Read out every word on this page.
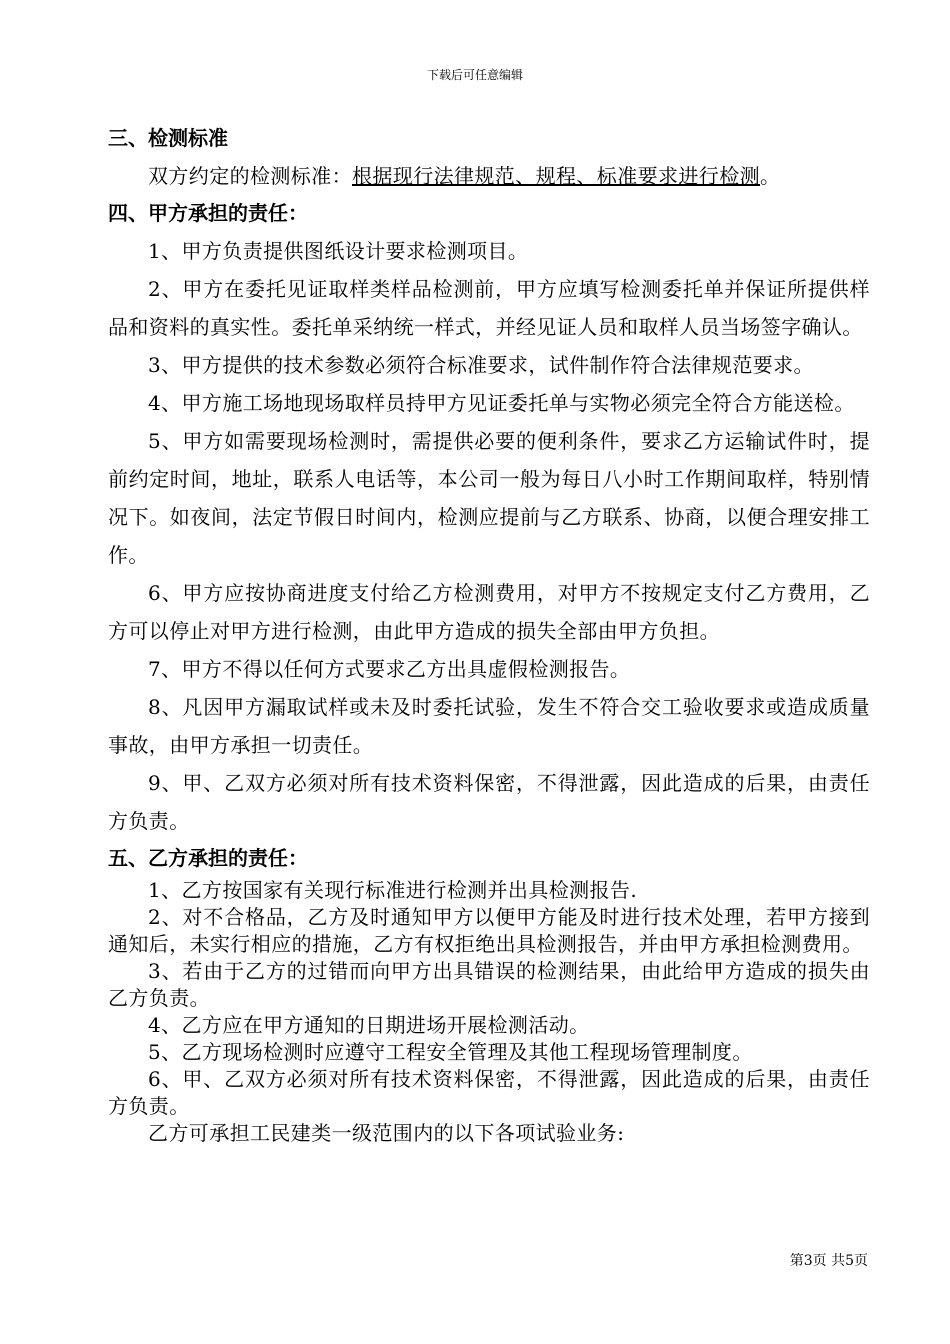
下载后可任意编辑
三、检测标准
双方约定的检测标准：根据现行法律规范、规程、标准要求进行检测。
四、甲方承担的责任：
1、甲方负责提供图纸设计要求检测项目。
2、甲方在委托见证取样类样品检测前，甲方应填写检测委托单并保证所提供样品和资料的真实性。委托单采纳统一样式，并经见证人员和取样人员当场签字确认。
3、甲方提供的技术参数必须符合标准要求，试件制作符合法律规范要求。
4、甲方施工场地现场取样员持甲方见证委托单与实物必须完全符合方能送检。
5、甲方如需要现场检测时，需提供必要的便利条件，要求乙方运输试件时，提前约定时间，地址，联系人电话等，本公司一般为每日八小时工作期间取样，特别情况下。如夜间，法定节假日时间内，检测应提前与乙方联系、协商，以便合理安排工作。
6、甲方应按协商进度支付给乙方检测费用，对甲方不按规定支付乙方费用，乙方可以停止对甲方进行检测，由此甲方造成的损失全部由甲方负担。
7、甲方不得以任何方式要求乙方出具虚假检测报告。
8、凡因甲方漏取试样或未及时委托试验，发生不符合交工验收要求或造成质量事故，由甲方承担一切责任。
9、甲、乙双方必须对所有技术资料保密，不得泄露，因此造成的后果，由责任方负责。
五、乙方承担的责任：
1、乙方按国家有关现行标准进行检测并出具检测报告.
2、对不合格品，乙方及时通知甲方以便甲方能及时进行技术处理，若甲方接到通知后，未实行相应的措施，乙方有权拒绝出具检测报告，并由甲方承担检测费用。
3、若由于乙方的过错而向甲方出具错误的检测结果，由此给甲方造成的损失由乙方负责。
4、乙方应在甲方通知的日期进场开展检测活动。
5、乙方现场检测时应遵守工程安全管理及其他工程现场管理制度。
6、甲、乙双方必须对所有技术资料保密，不得泄露，因此造成的后果，由责任方负责。
乙方可承担工民建类一级范围内的以下各项试验业务:
第3页 共5页
